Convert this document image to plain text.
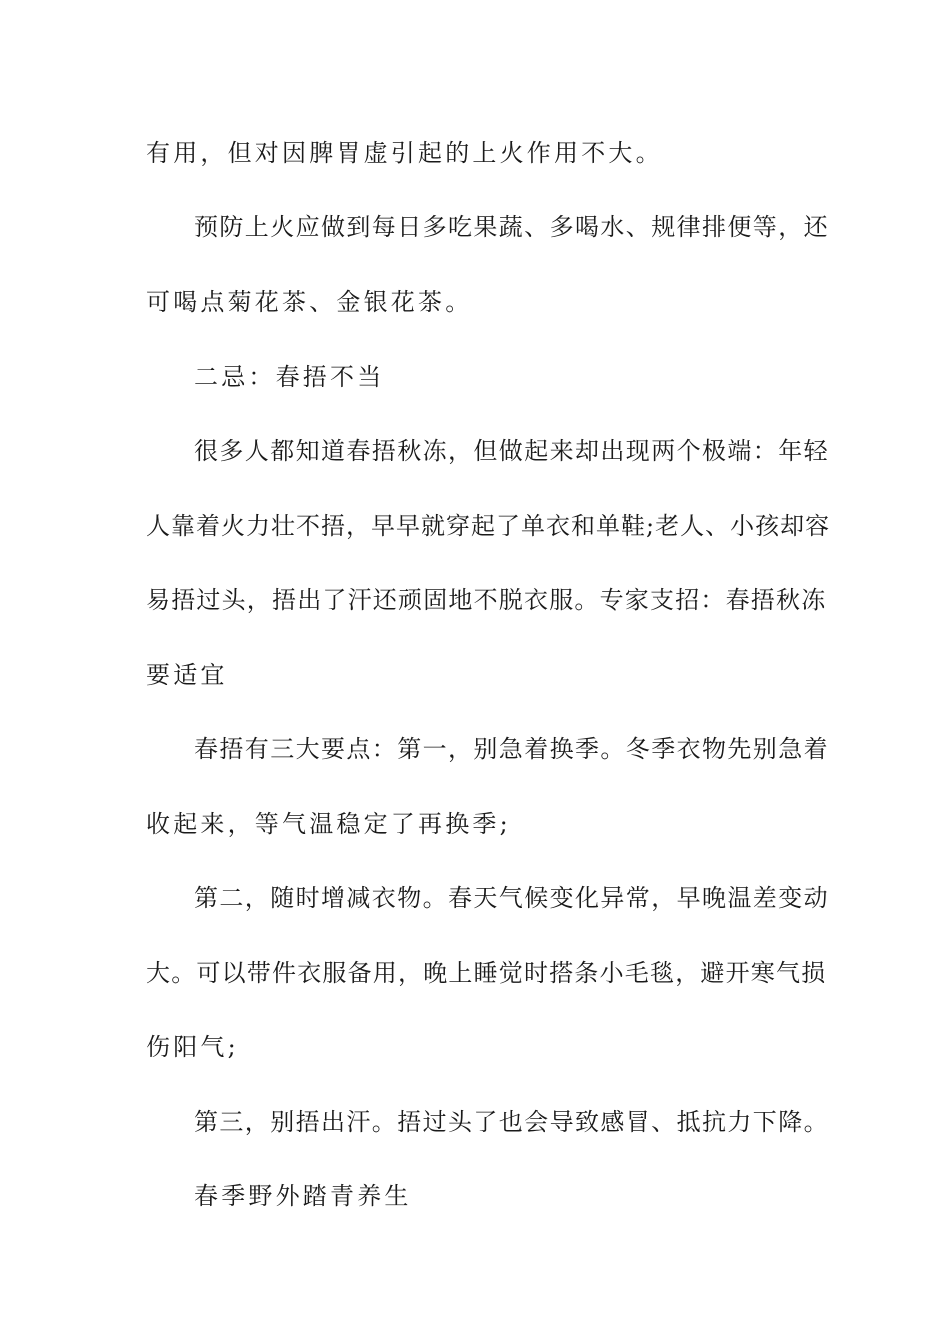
有用，但对因脾胃虚引起的上火作用不大。
预防上火应做到每日多吃果蔬、多喝水、规律排便等，还
可喝点菊花茶、金银花茶。
二忌：春捂不当
很多人都知道春捂秋冻，但做起来却出现两个极端：年轻
人靠着火力壮不捂，早早就穿起了单衣和单鞋;老人、小孩却容
易捂过头，捂出了汗还顽固地不脱衣服。专家支招：春捂秋冻
要适宜
春捂有三大要点：第一，别急着换季。冬季衣物先别急着
收起来，等气温稳定了再换季;
第二，随时增减衣物。春天气候变化异常，早晚温差变动
大。可以带件衣服备用，晚上睡觉时搭条小毛毯，避开寒气损
伤阳气;
第三，别捂出汗。捂过头了也会导致感冒、抵抗力下降。
春季野外踏青养生
